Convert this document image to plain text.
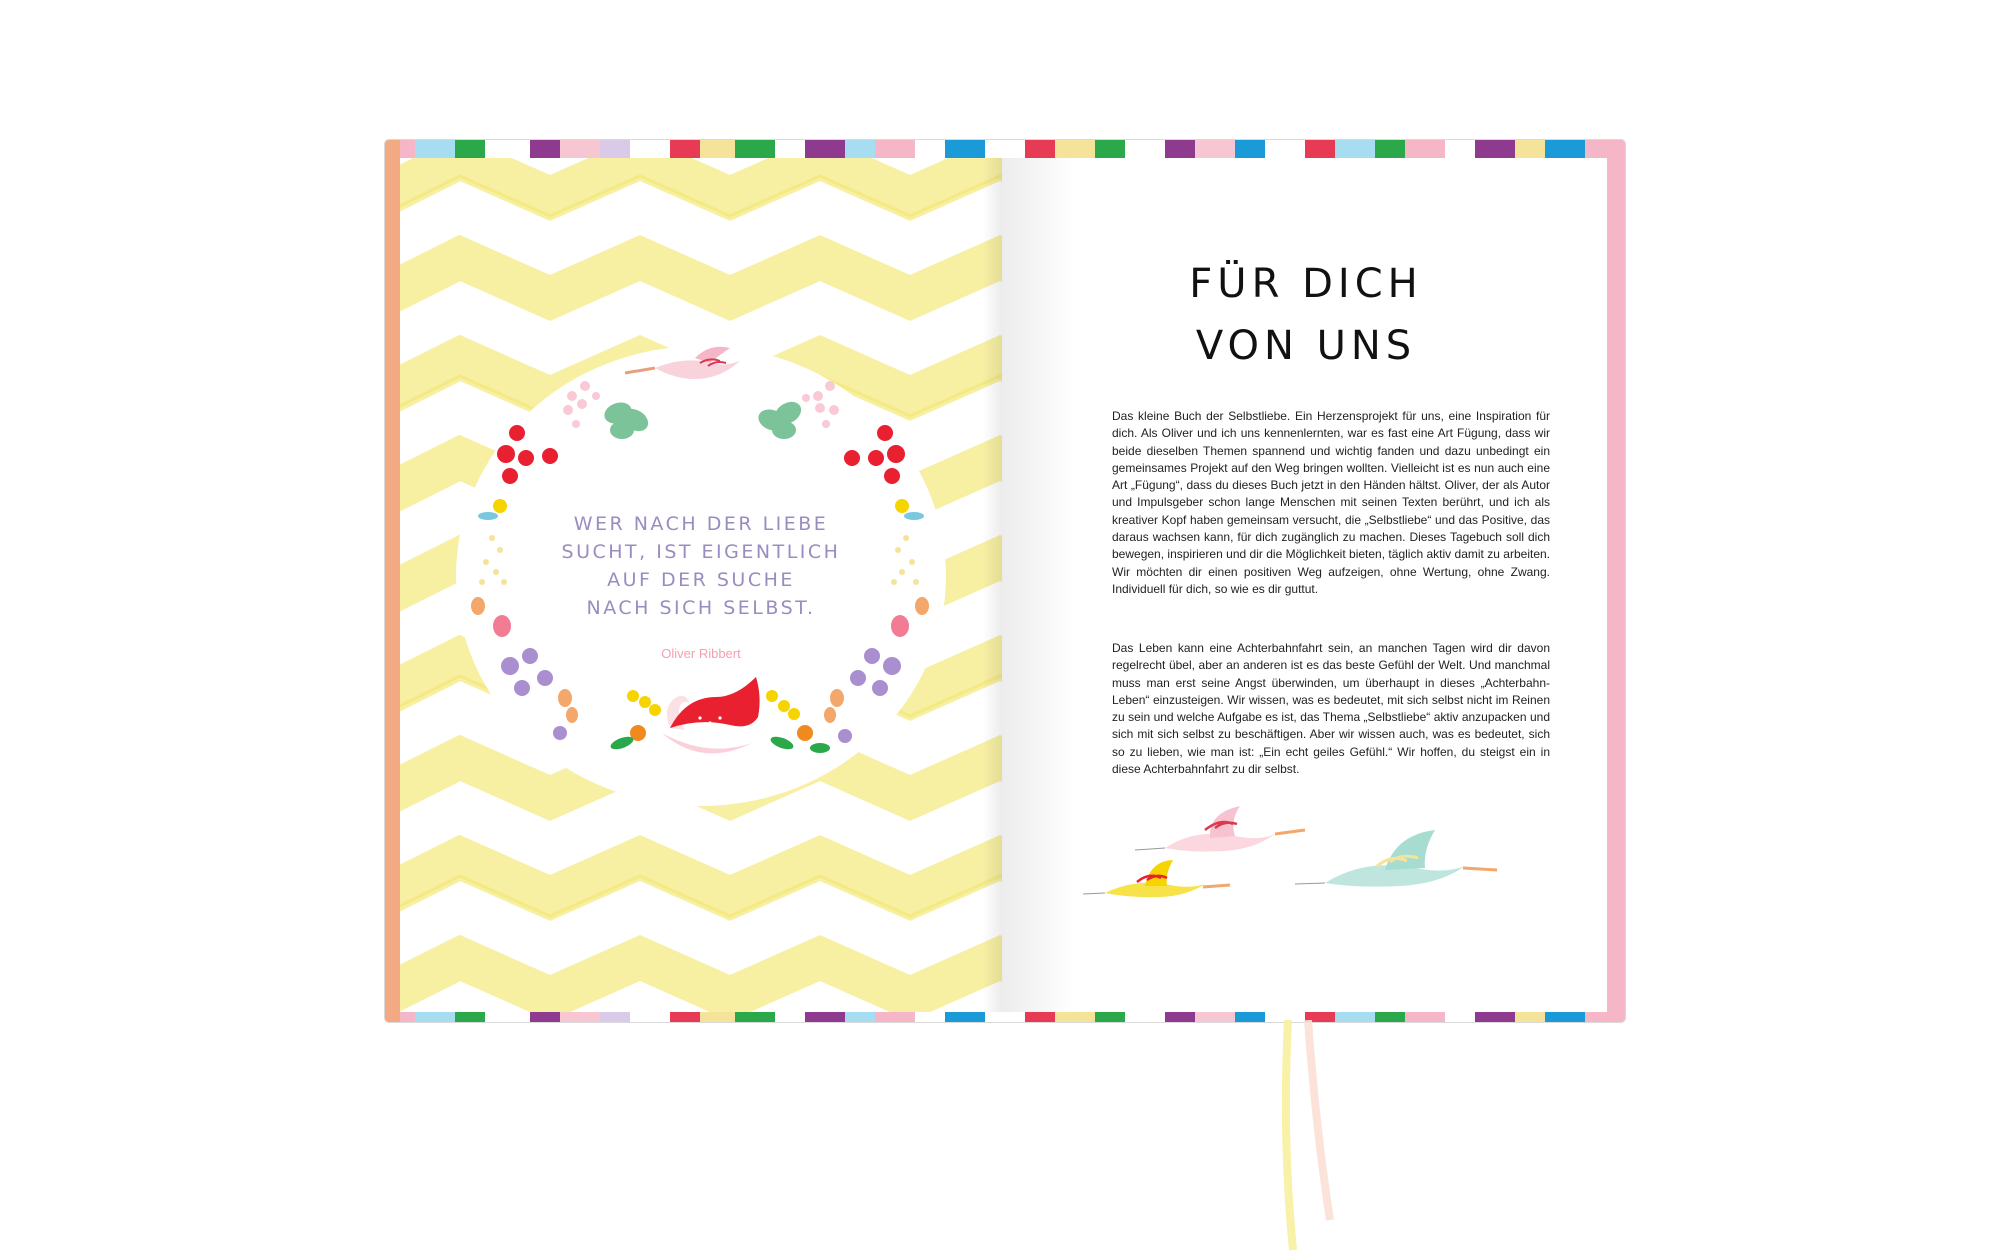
WER NACH DER LIEBE
SUCHT, IST EIGENTLICH
AUF DER SUCHE
NACH SICH SELBST.
Oliver Ribbert
FÜR DICH
VON UNS

Das kleine Buch der Selbstliebe. Ein Herzensprojekt für uns, eine Inspiration für dich. Als Oliver und ich uns kennenlernten, war es fast eine Art Fügung, dass wir beide dieselben Themen spannend und wichtig fanden und dazu unbedingt ein gemeinsames Projekt auf den Weg bringen wollten. Vielleicht ist es nun auch eine Art „Fügung“, dass du dieses Buch jetzt in den Händen hältst. Oliver, der als Autor und Impulsgeber schon lange Menschen mit seinen Texten berührt, und ich als kreativer Kopf haben gemeinsam versucht, die „Selbstliebe“ und das Positive, das daraus wachsen kann, für dich zugänglich zu machen. Dieses Tagebuch soll dich bewegen, inspirieren und dir die Möglichkeit bieten, täglich aktiv damit zu arbeiten. Wir möchten dir einen positiven Weg aufzeigen, ohne Wertung, ohne Zwang. Individuell für dich, so wie es dir guttut.

Das Leben kann eine Achterbahnfahrt sein, an manchen Tagen wird dir davon regelrecht übel, aber an anderen ist es das beste Gefühl der Welt. Und manchmal muss man erst seine Angst überwinden, um überhaupt in dieses „Achterbahn-Leben“ einzusteigen. Wir wissen, was es bedeutet, mit sich selbst nicht im Reinen zu sein und welche Aufgabe es ist, das Thema „Selbstliebe“ aktiv anzupacken und sich mit sich selbst zu beschäftigen. Aber wir wissen auch, was es bedeutet, sich so zu lieben, wie man ist: „Ein echt geiles Gefühl.“ Wir hoffen, du steigst ein in diese Achterbahnfahrt zu dir selbst.
